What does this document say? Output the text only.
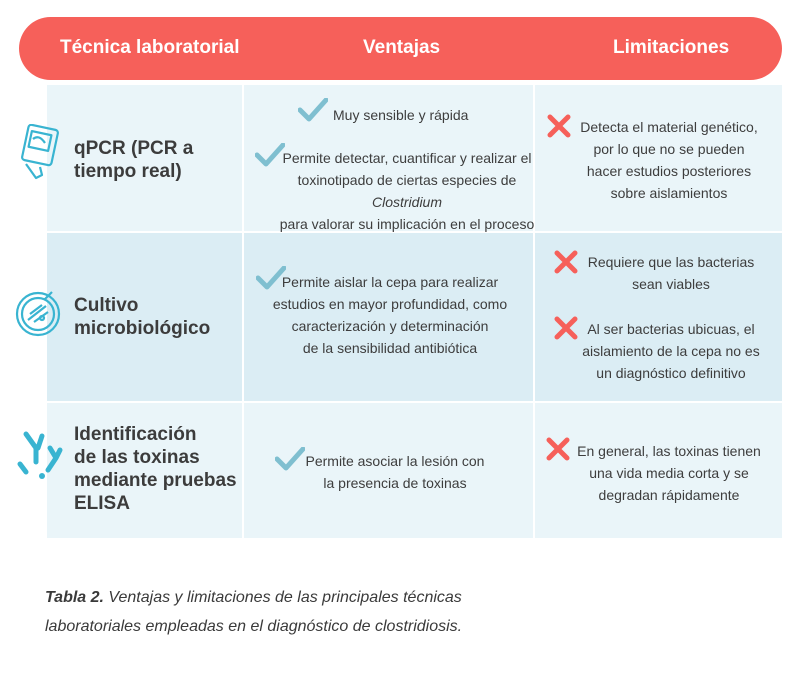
Técnica laboratorial	Ventajas	Limitaciones
qPCR (PCR a
tiempo real)
Cultivo
microbiológico
Identificación
de las toxinas
mediante pruebas
ELISA
Muy sensible y rápida
Permite detectar, cuantificar y realizar el
toxinotipado de ciertas especies de Clostridium
para valorar su implicación en el proceso
Detecta el material genético,
por lo que no se pueden
hacer estudios posteriores
sobre aislamientos
Permite aislar la cepa para realizar
estudios en mayor profundidad, como
caracterización y determinación
de la sensibilidad antibiótica
Requiere que las bacterias
sean viables
Al ser bacterias ubicuas, el
aislamiento de la cepa no es
un diagnóstico definitivo
Permite asociar la lesión con
la presencia de toxinas
En general, las toxinas tienen
una vida media corta y se
degradan rápidamente
Tabla 2. Ventajas y limitaciones de las principales técnicas laboratoriales empleadas en el diagnóstico de clostridiosis.
